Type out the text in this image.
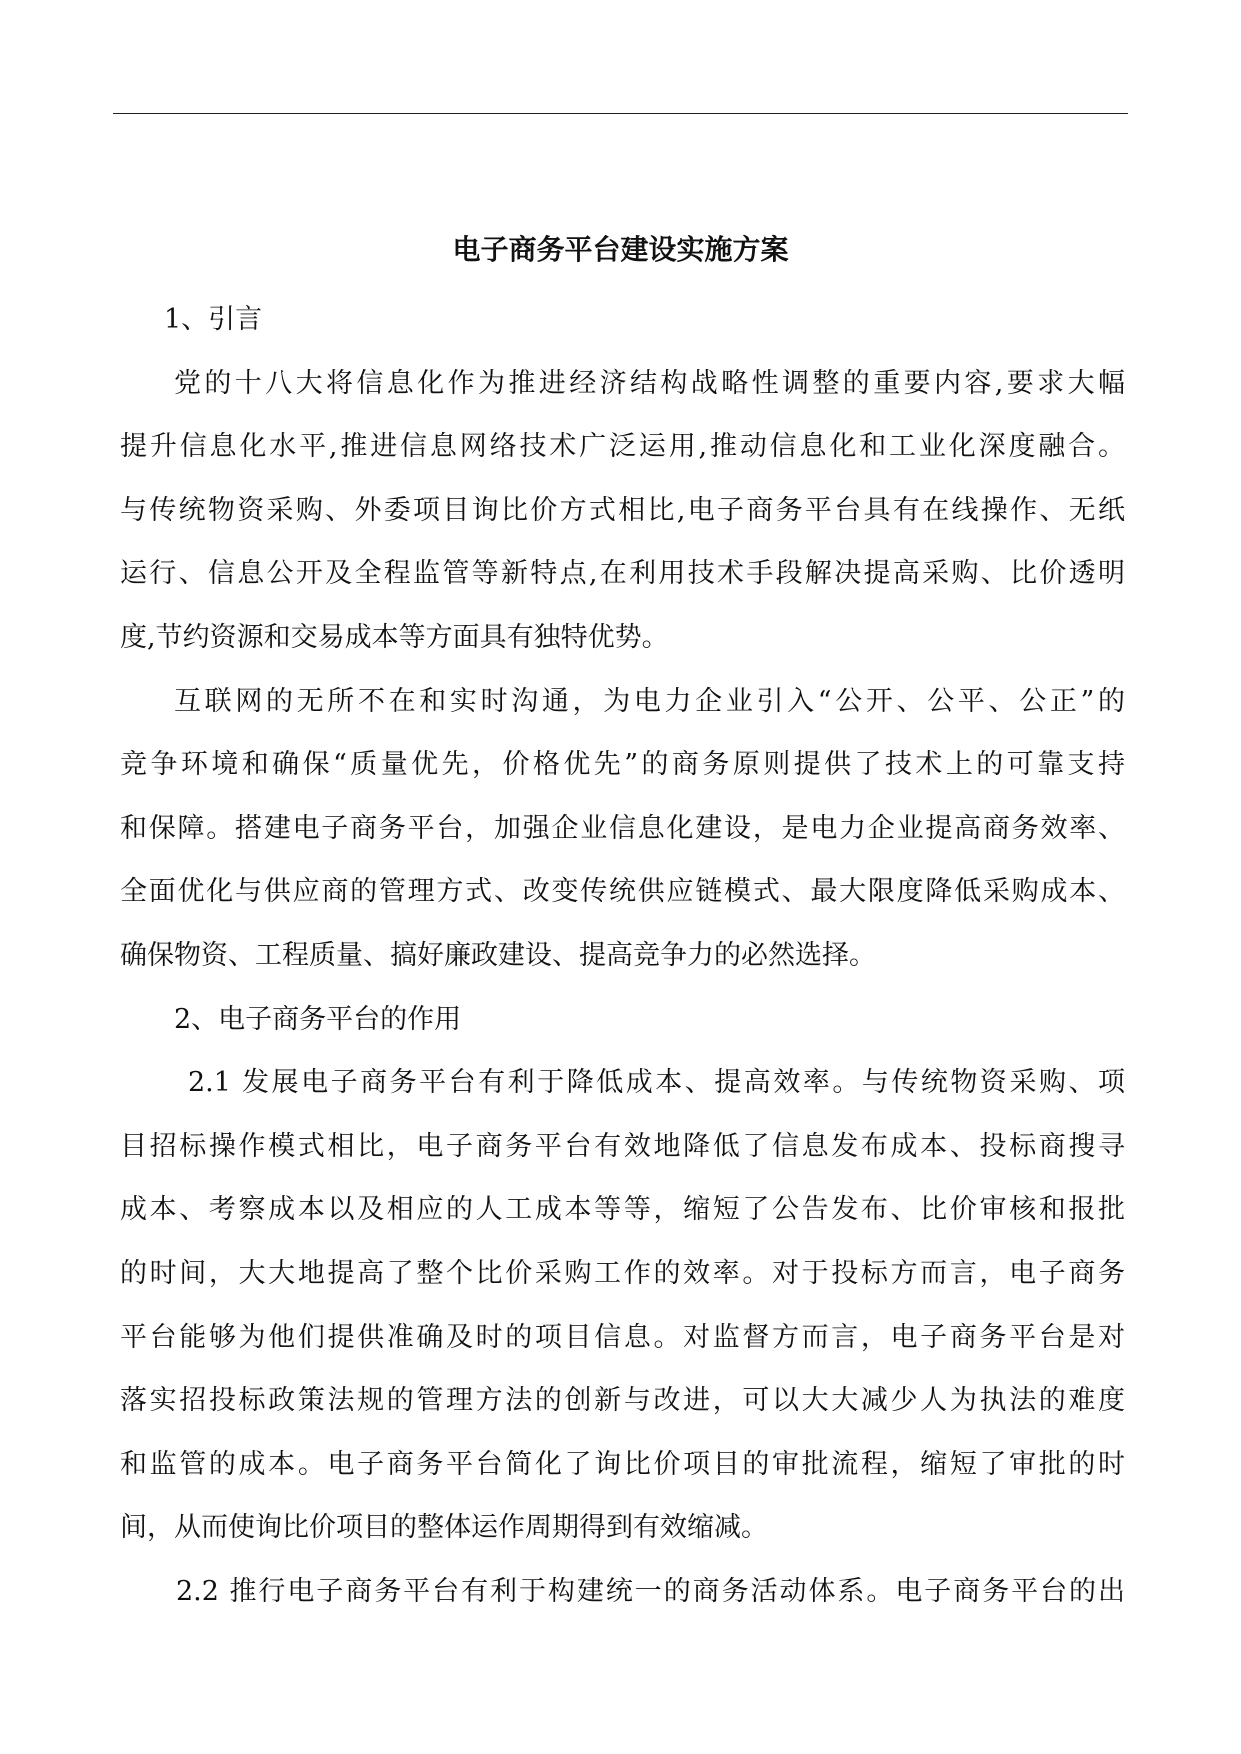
电子商务平台建设实施方案
1、引言
党的十八大将信息化作为推进经济结构战略性调整的重要内容,要求大幅
提升信息化水平,推进信息网络技术广泛运用,推动信息化和工业化深度融合。
与传统物资采购、外委项目询比价方式相比,电子商务平台具有在线操作、无纸
运行、信息公开及全程监管等新特点,在利用技术手段解决提高采购、比价透明
度,节约资源和交易成本等方面具有独特优势。
互联网的无所不在和实时沟通，为电力企业引入“公开、公平、公正”的
竞争环境和确保“质量优先，价格优先”的商务原则提供了技术上的可靠支持
和保障。搭建电子商务平台，加强企业信息化建设，是电力企业提高商务效率、
全面优化与供应商的管理方式、改变传统供应链模式、最大限度降低采购成本、
确保物资、工程质量、搞好廉政建设、提高竞争力的必然选择。
2、电子商务平台的作用
2.1 发展电子商务平台有利于降低成本、提高效率。与传统物资采购、项
目招标操作模式相比，电子商务平台有效地降低了信息发布成本、投标商搜寻
成本、考察成本以及相应的人工成本等等，缩短了公告发布、比价审核和报批
的时间，大大地提高了整个比价采购工作的效率。对于投标方而言，电子商务
平台能够为他们提供准确及时的项目信息。对监督方而言，电子商务平台是对
落实招投标政策法规的管理方法的创新与改进，可以大大减少人为执法的难度
和监管的成本。电子商务平台简化了询比价项目的审批流程，缩短了审批的时
间，从而使询比价项目的整体运作周期得到有效缩减。
2.2 推行电子商务平台有利于构建统一的商务活动体系。电子商务平台的出
